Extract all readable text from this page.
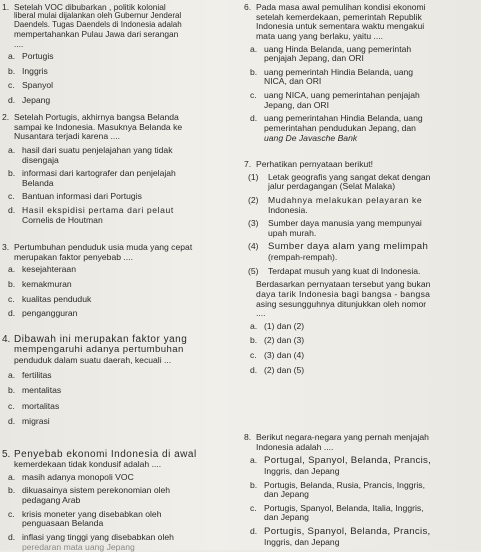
1. Setelah VOC dibubarkan , politik kolonial
liberal mulai dijalankan oleh Gubernur Jenderal
Daendels. Tugas Daendels di Indonesia adalah
mempertahankan Pulau Jawa dari serangan
....
a. Portugis
b. Inggris
c. Spanyol
d. Jepang
2. Setelah Portugis, akhirnya bangsa Belanda
sampai ke Indonesia. Masuknya Belanda ke
Nusantara terjadi karena ....
a. hasil dari suatu penjelajahan yang tidak
disengaja
b. informasi dari kartografer dan penjelajah
Belanda
c. Bantuan informasi dari Portugis
d. Hasil ekspidisi pertama dari pelaut
Cornelis de Houtman
3. Pertumbuhan penduduk usia muda yang cepat
merupakan faktor penyebab ....
a. kesejahteraan
b. kemakmuran
c. kualitas penduduk
d. pengangguran
4. Dibawah ini merupakan faktor yang
mempengaruhi adanya pertumbuhan
penduduk dalam suatu daerah, kecuali ...
a. fertilitas
b. mentalitas
c. mortalitas
d. migrasi
5. Penyebab ekonomi Indonesia di awal
kemerdekaan tidak kondusif adalah ....
a. masih adanya monopoli VOC
b. dikuasainya sistem perekonomian oleh
pedagang Arab
c. krisis moneter yang disebabkan oleh
penguasaan Belanda
d. inflasi yang tinggi yang disebabkan oleh
peredaran mata uang Jepang
6. Pada masa awal pemulihan kondisi ekonomi
setelah kemerdekaan, pemerintah Republik
Indonesia untuk sementara waktu mengakui
mata uang yang berlaku, yaitu ....
a. uang Hinda Belanda, uang pemerintah
penjajah Jepang, dan ORI
b. uang pemerintah Hindia Belanda, uang
NICA, dan ORI
c. uang NICA, uang pemerintahan penjajah
Jepang, dan ORI
d. uang pemerintahan Hindia Belanda, uang
pemerintahan pendudukan Jepang, dan
uang De Javasche Bank
7. Perhatikan pernyataan berikut!
(1) Letak geografis yang sangat dekat dengan
jalur perdagangan (Selat Malaka)
(2) Mudahnya melakukan pelayaran ke
Indonesia.
(3) Sumber daya manusia yang mempunyai
upah murah.
(4) Sumber daya alam yang melimpah
(rempah-rempah).
(5) Terdapat musuh yang kuat di Indonesia.
Berdasarkan pernyataan tersebut yang bukan
daya tarik Indonesia bagi bangsa - bangsa
asing sesungguhnya ditunjukkan oleh nomor
....
a. (1) dan (2)
b. (2) dan (3)
c. (3) dan (4)
d. (2) dan (5)
8. Berikut negara-negara yang pernah menjajah
Indonesia adalah ....
a. Portugal, Spanyol, Belanda, Prancis,
Inggris, dan Jepang
b. Portugis, Belanda, Rusia, Prancis, Inggris,
dan Jepang
c. Portugis, Spanyol, Belanda, Italia, Inggris,
dan Jepang
d. Portugis, Spanyol, Belanda, Prancis,
Inggris, dan Jepang
